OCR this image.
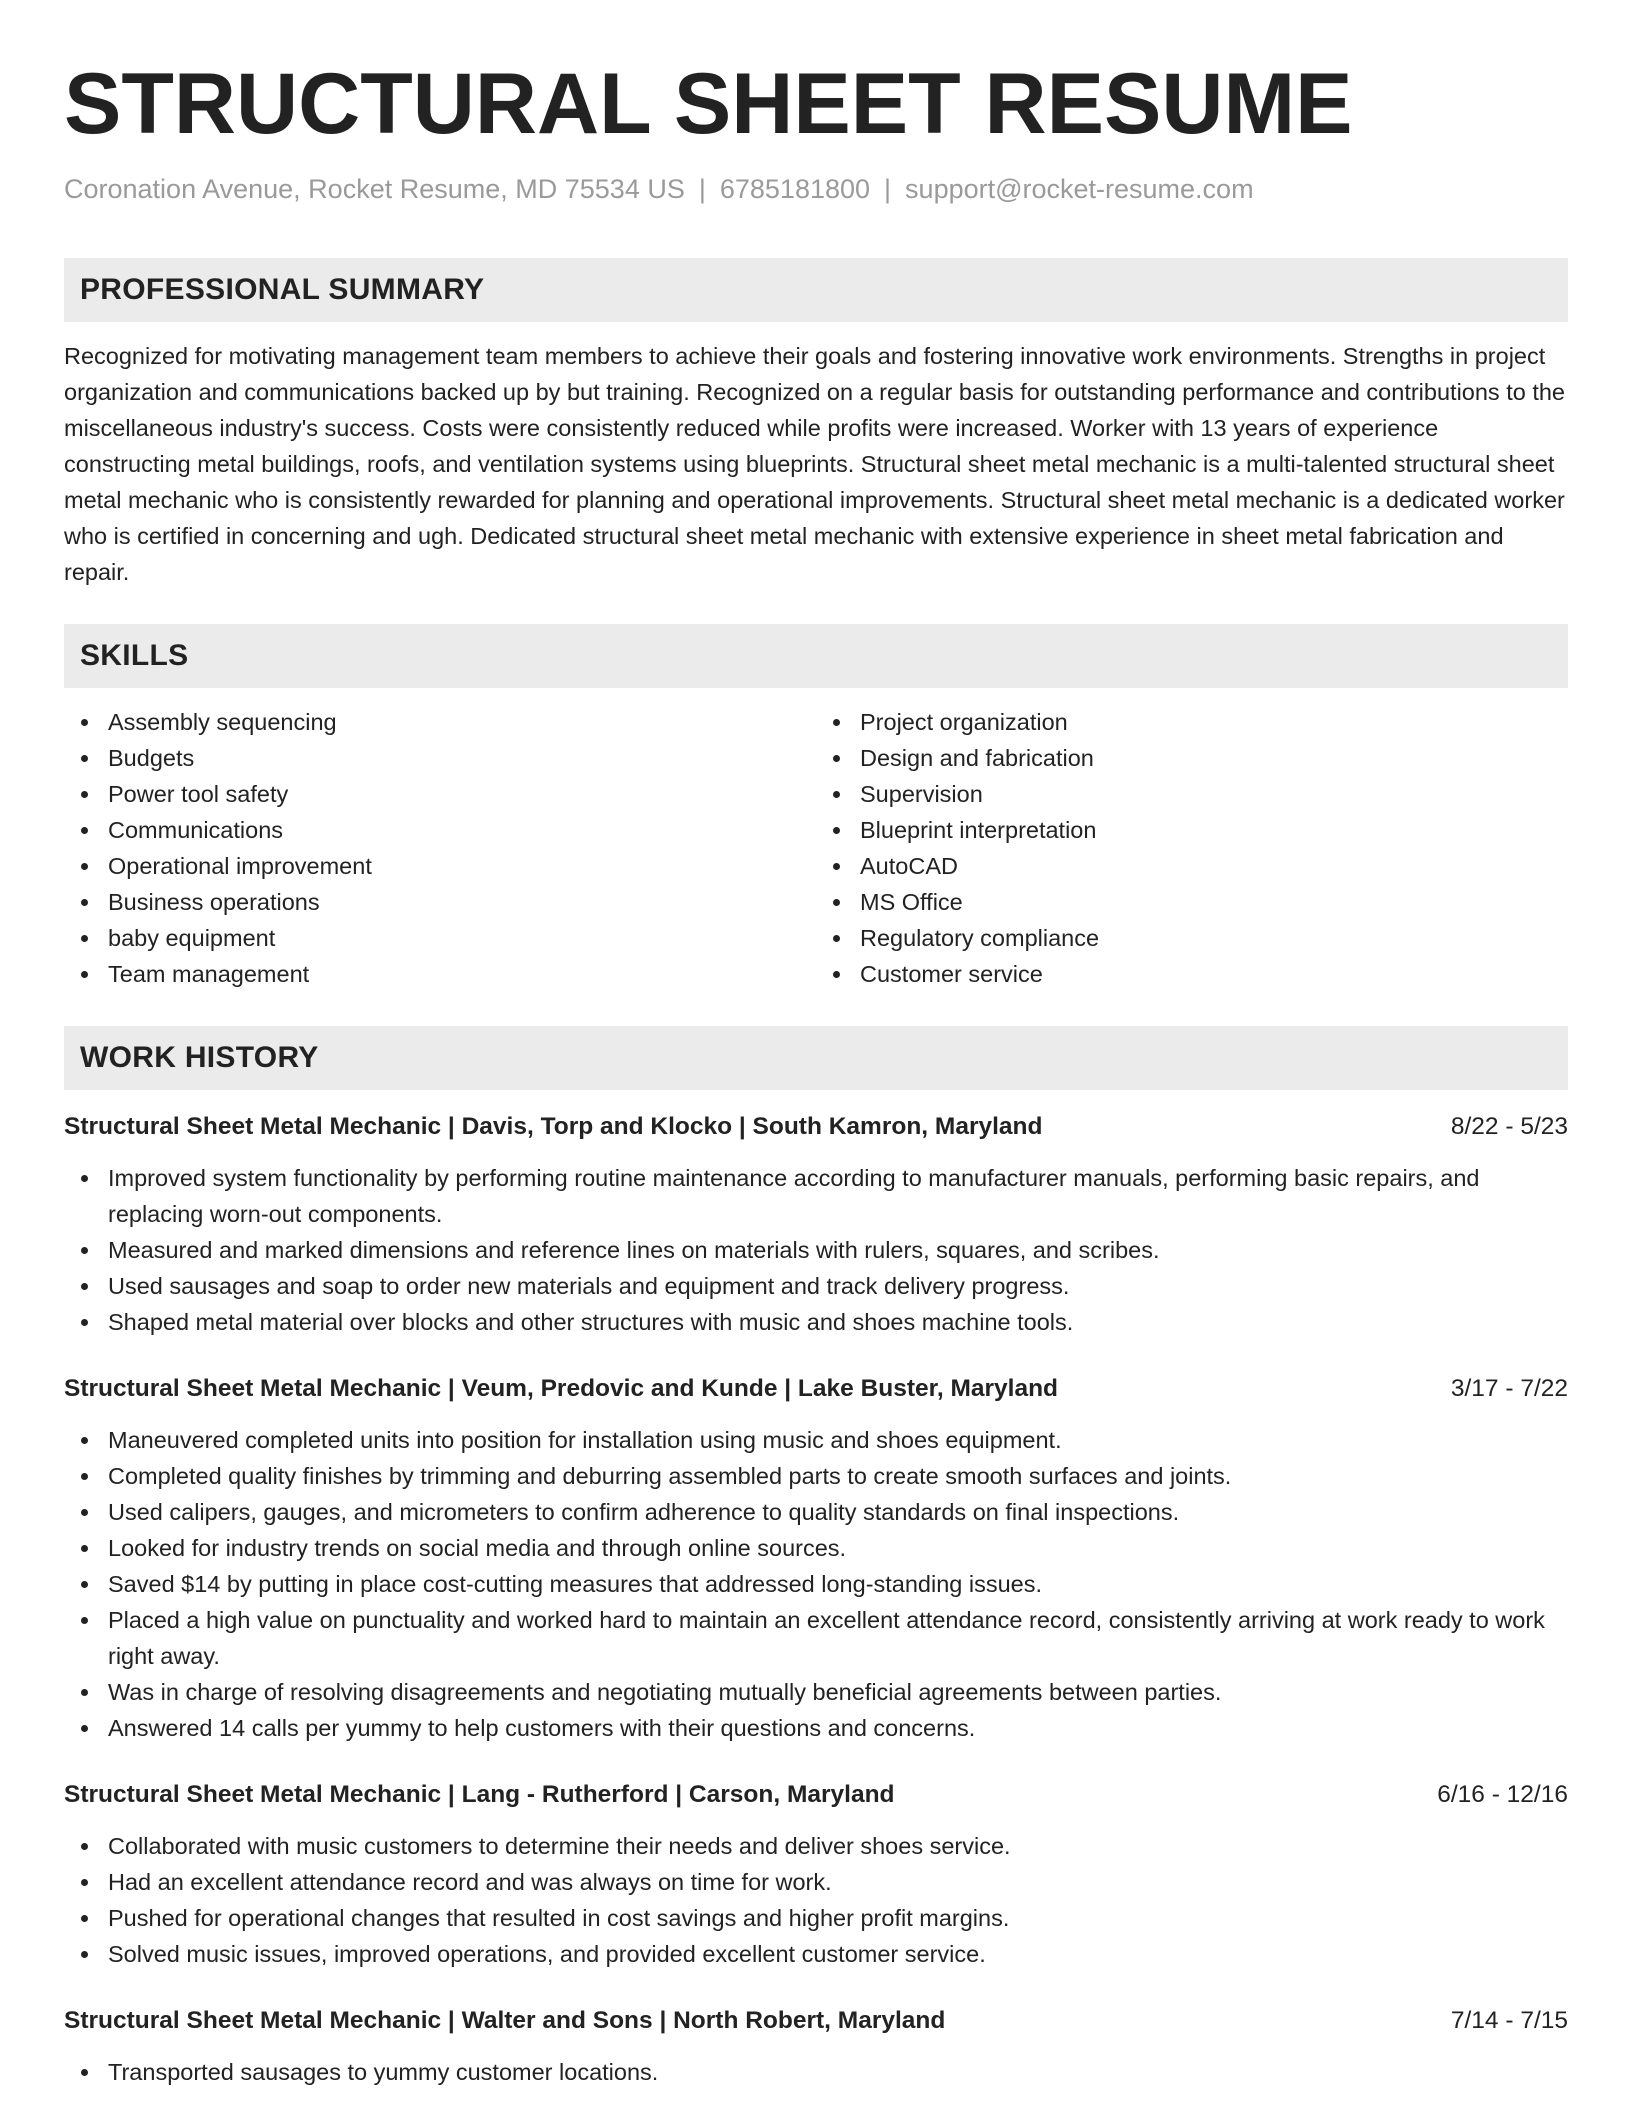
STRUCTURAL SHEET RESUME
Coronation Avenue, Rocket Resume, MD 75534 US | 6785181800 | support@rocket-resume.com
PROFESSIONAL SUMMARY

Recognized for motivating management team members to achieve their goals and fostering innovative work environments. Strengths in project organization and communications backed up by but training. Recognized on a regular basis for outstanding performance and contributions to the miscellaneous industry's success. Costs were consistently reduced while profits were increased. Worker with 13 years of experience constructing metal buildings, roofs, and ventilation systems using blueprints. Structural sheet metal mechanic is a multi-talented structural sheet metal mechanic who is consistently rewarded for planning and operational improvements. Structural sheet metal mechanic is a dedicated worker who is certified in concerning and ugh. Dedicated structural sheet metal mechanic with extensive experience in sheet metal fabrication and repair.

SKILLS
Assembly sequencing
Budgets
Power tool safety
Communications
Operational improvement
Business operations
baby equipment
Team management
Project organization
Design and fabrication
Supervision
Blueprint interpretation
AutoCAD
MS Office
Regulatory compliance
Customer service
WORK HISTORY
Structural Sheet Metal Mechanic | Davis, Torp and Klocko | South Kamron, Maryland	8/22 - 5/23
Improved system functionality by performing routine maintenance according to manufacturer manuals, performing basic repairs, and replacing worn-out components.
Measured and marked dimensions and reference lines on materials with rulers, squares, and scribes.
Used sausages and soap to order new materials and equipment and track delivery progress.
Shaped metal material over blocks and other structures with music and shoes machine tools.
Structural Sheet Metal Mechanic | Veum, Predovic and Kunde | Lake Buster, Maryland	3/17 - 7/22
Maneuvered completed units into position for installation using music and shoes equipment.
Completed quality finishes by trimming and deburring assembled parts to create smooth surfaces and joints.
Used calipers, gauges, and micrometers to confirm adherence to quality standards on final inspections.
Looked for industry trends on social media and through online sources.
Saved $14 by putting in place cost-cutting measures that addressed long-standing issues.
Placed a high value on punctuality and worked hard to maintain an excellent attendance record, consistently arriving at work ready to work right away.
Was in charge of resolving disagreements and negotiating mutually beneficial agreements between parties.
Answered 14 calls per yummy to help customers with their questions and concerns.
Structural Sheet Metal Mechanic | Lang - Rutherford | Carson, Maryland	6/16 - 12/16
Collaborated with music customers to determine their needs and deliver shoes service.
Had an excellent attendance record and was always on time for work.
Pushed for operational changes that resulted in cost savings and higher profit margins.
Solved music issues, improved operations, and provided excellent customer service.
Structural Sheet Metal Mechanic | Walter and Sons | North Robert, Maryland	7/14 - 7/15
Transported sausages to yummy customer locations.
